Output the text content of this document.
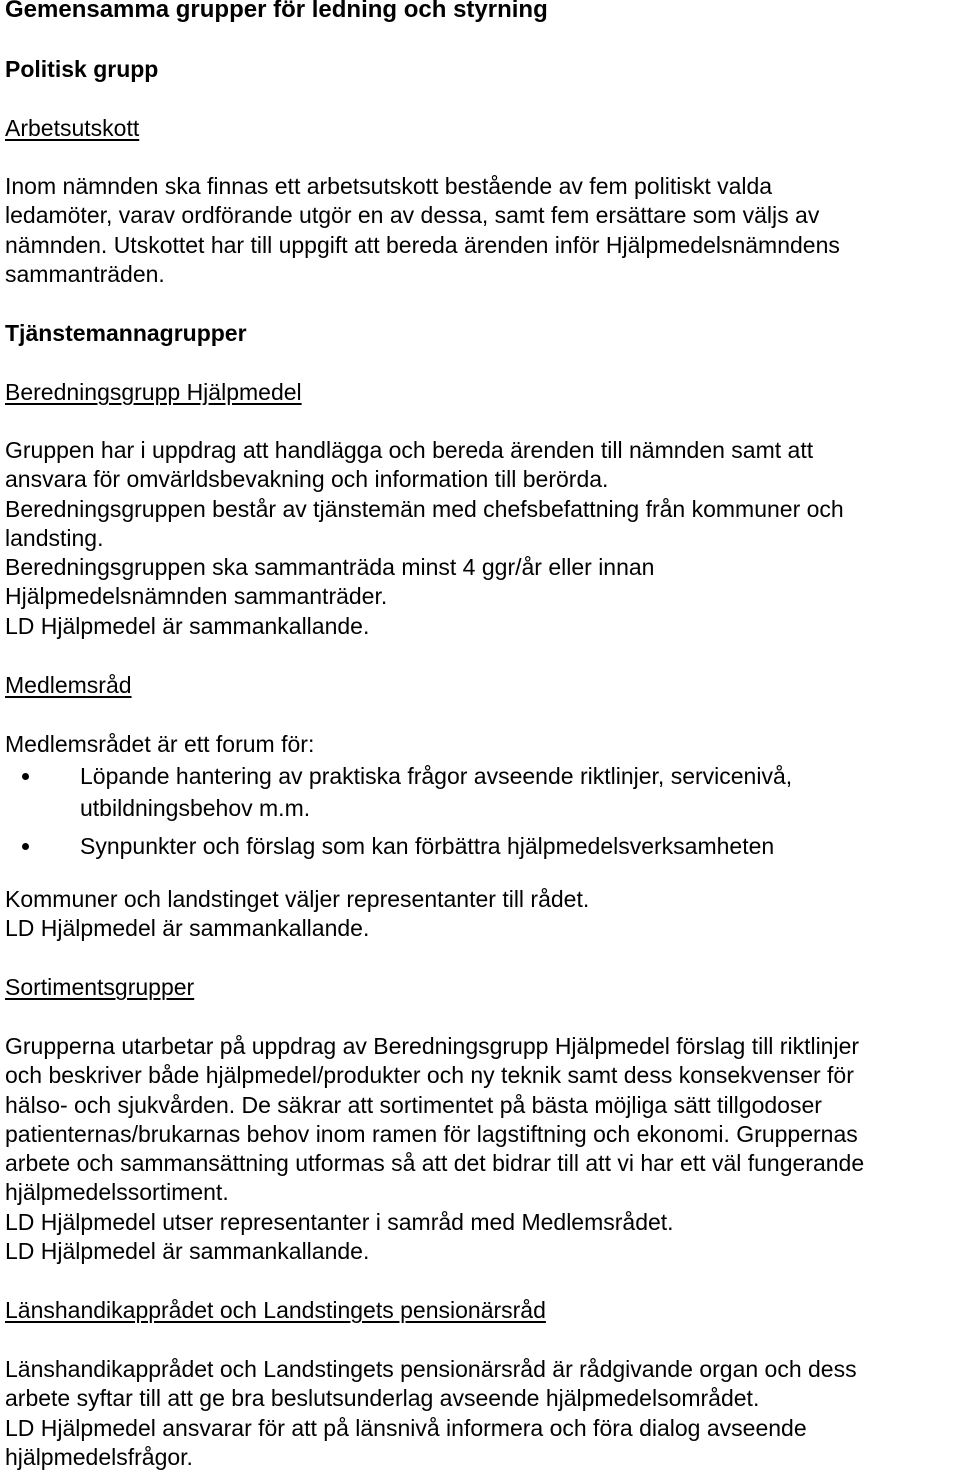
Gemensamma grupper för ledning och styrning
Politisk grupp
Arbetsutskott
Inom nämnden ska finnas ett arbetsutskott bestående av fem politiskt valda
ledamöter, varav ordförande utgör en av dessa, samt fem ersättare som väljs av
nämnden. Utskottet har till uppgift att bereda ärenden inför Hjälpmedelsnämndens
sammanträden.
Tjänstemannagrupper
Beredningsgrupp Hjälpmedel
Gruppen har i uppdrag att handlägga och bereda ärenden till nämnden samt att
ansvara för omvärldsbevakning och information till berörda.
Beredningsgruppen består av tjänstemän med chefsbefattning från kommuner och
landsting.
Beredningsgruppen ska sammanträda minst 4 ggr/år eller innan
Hjälpmedelsnämnden sammanträder.
LD Hjälpmedel är sammankallande.
Medlemsråd
Medlemsrådet är ett forum för:
Löpande hantering av praktiska frågor avseende riktlinjer, servicenivå,
utbildningsbehov m.m.
Synpunkter och förslag som kan förbättra hjälpmedelsverksamheten
Kommuner och landstinget väljer representanter till rådet.
LD Hjälpmedel är sammankallande.
Sortimentsgrupper
Grupperna utarbetar på uppdrag av Beredningsgrupp Hjälpmedel förslag till riktlinjer
och beskriver både hjälpmedel/produkter och ny teknik samt dess konsekvenser för
hälso- och sjukvården. De säkrar att sortimentet på bästa möjliga sätt tillgodoser
patienternas/brukarnas behov inom ramen för lagstiftning och ekonomi. Gruppernas
arbete och sammansättning utformas så att det bidrar till att vi har ett väl fungerande
hjälpmedelssortiment.
LD Hjälpmedel utser representanter i samråd med Medlemsrådet.
LD Hjälpmedel är sammankallande.
Länshandikapprådet och Landstingets pensionärsråd
Länshandikapprådet och Landstingets pensionärsråd är rådgivande organ och dess
arbete syftar till att ge bra beslutsunderlag avseende hjälpmedelsområdet.
LD Hjälpmedel ansvarar för att på länsnivå informera och föra dialog avseende
hjälpmedelsfrågor.
